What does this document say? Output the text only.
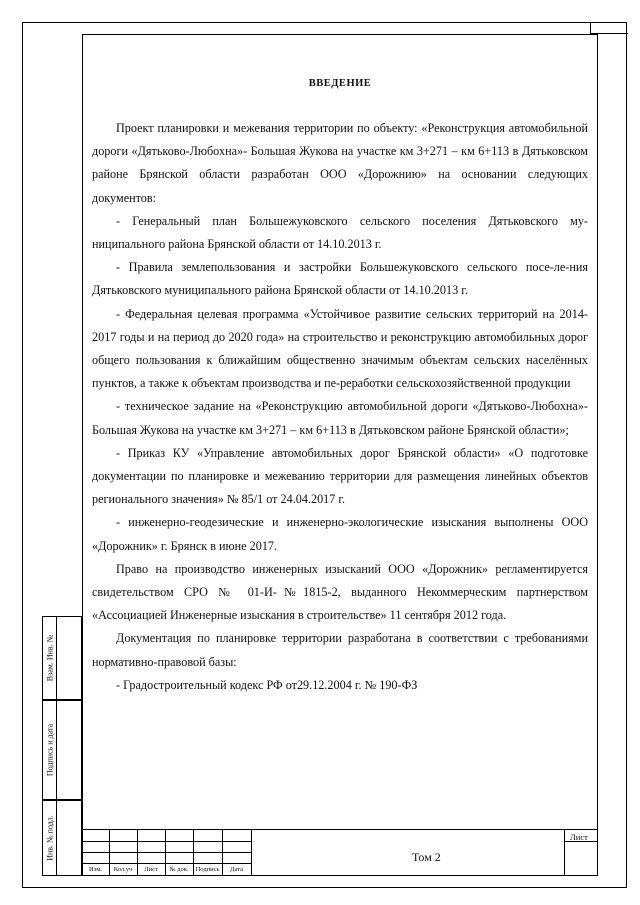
ВВЕДЕНИЕ

Проект планировки и межевания территории по объекту: «Реконструкция автомобильной дороги «Дятьково-Любохна»- Большая Жукова на участке км 3+271 – км 6+113 в Дятьковском районе Брянской области разработан ООО «Дорожнию» на основании следующих документов:

- Генеральный план Большежуковского сельского поселения Дятьковского му-ниципального района Брянской области от 14.10.2013 г.

- Правила землепользования и застройки Большежуковского сельского посе-ле-ния Дятьковского муниципального района Брянской области от 14.10.2013 г.

- Федеральная целевая программа «Устойчивое развитие сельских территорий на 2014-2017 годы и на период до 2020 года» на строительство и реконструкцию автомобильных дорог общего пользования к ближайшим общественно значимым объектам сельских населённых пунктов, а также к объектам производства и пе-реработки сельскохозяйственной продукции

- техническое задание на «Реконструкцию автомобильной дороги «Дятьково-Любохна»- Большая Жукова на участке км 3+271 – км 6+113 в Дятьковском районе Брянской области»;

- Приказ КУ «Управление автомобильных дорог Брянской области» «О подготовке документации по планировке и межеванию территории для размещения линейных объектов регионального значения» № 85/1 от 24.04.2017 г.

- инженерно-геодезические и инженерно-экологические изыскания выполнены ООО «Дорожник» г. Брянск в июне 2017.

Право на производство инженерных изысканий ООО «Дорожник» регламентируется свидетельством СРО № 01-И-№1815-2, выданного Некоммерческим партнерством «Ассоциацией Инженерные изыскания в строительстве» 11 сентября 2012 года.

Документация по планировке территории разработана в соответствии с требованиями нормативно-правовой базы:

- Градостроительный кодекс РФ от29.12.2004 г. № 190-ФЗ

Взам. Инв. №
Подпись и дата
Инв. № подл.
Изм.	Кол.уч	Лист	№ док.	Подпись	Дата
Том 2
Лист
